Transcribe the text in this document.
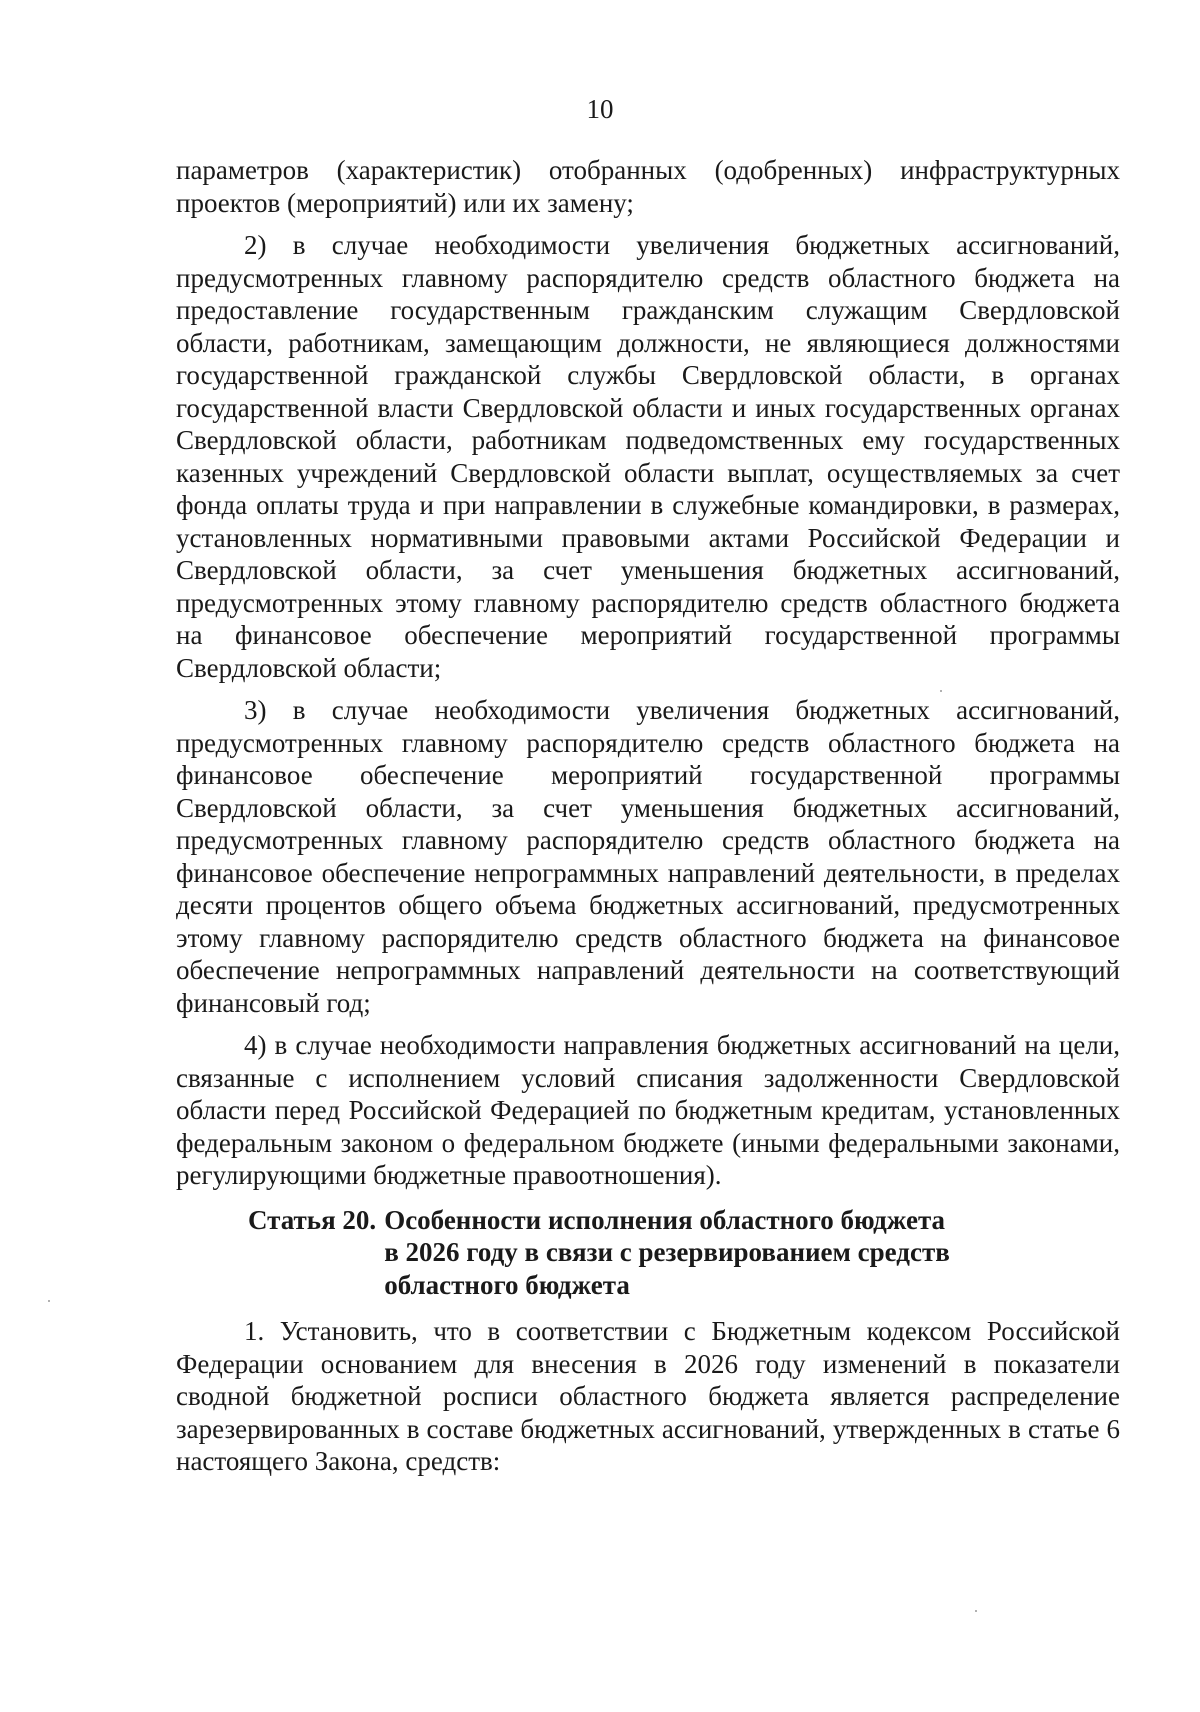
10

параметров (характеристик) отобранных (одобренных) инфраструктурных проектов (мероприятий) или их замену;

2) в случае необходимости увеличения бюджетных ассигнований, предусмотренных главному распорядителю средств областного бюджета на предоставление государственным гражданским служащим Свердловской области, работникам, замещающим должности, не являющиеся должностями государственной гражданской службы Свердловской области, в органах государственной власти Свердловской области и иных государственных органах Свердловской области, работникам подведомственных ему государственных казенных учреждений Свердловской области выплат, осуществляемых за счет фонда оплаты труда и при направлении в служебные командировки, в размерах, установленных нормативными правовыми актами Российской Федерации и Свердловской области, за счет уменьшения бюджетных ассигнований, предусмотренных этому главному распорядителю средств областного бюджета на финансовое обеспечение мероприятий государственной программы Свердловской области;

3) в случае необходимости увеличения бюджетных ассигнований, предусмотренных главному распорядителю средств областного бюджета на финансовое обеспечение мероприятий государственной программы Свердловской области, за счет уменьшения бюджетных ассигнований, предусмотренных главному распорядителю средств областного бюджета на финансовое обеспечение непрограммных направлений деятельности, в пределах десяти процентов общего объема бюджетных ассигнований, предусмотренных этому главному распорядителю средств областного бюджета на финансовое обеспечение непрограммных направлений деятельности на соответствующий финансовый год;

4) в случае необходимости направления бюджетных ассигнований на цели, связанные с исполнением условий списания задолженности Свердловской области перед Российской Федерацией по бюджетным кредитам, установленных федеральным законом о федеральном бюджете (иными федеральными законами, регулирующими бюджетные правоотношения).

Статья 20. Особенности исполнения областного бюджета
в 2026 году в связи с резервированием средств
областного бюджета

1. Установить, что в соответствии с Бюджетным кодексом Российской Федерации основанием для внесения в 2026 году изменений в показатели сводной бюджетной росписи областного бюджета является распределение зарезервированных в составе бюджетных ассигнований, утвержденных в статье 6 настоящего Закона, средств:
